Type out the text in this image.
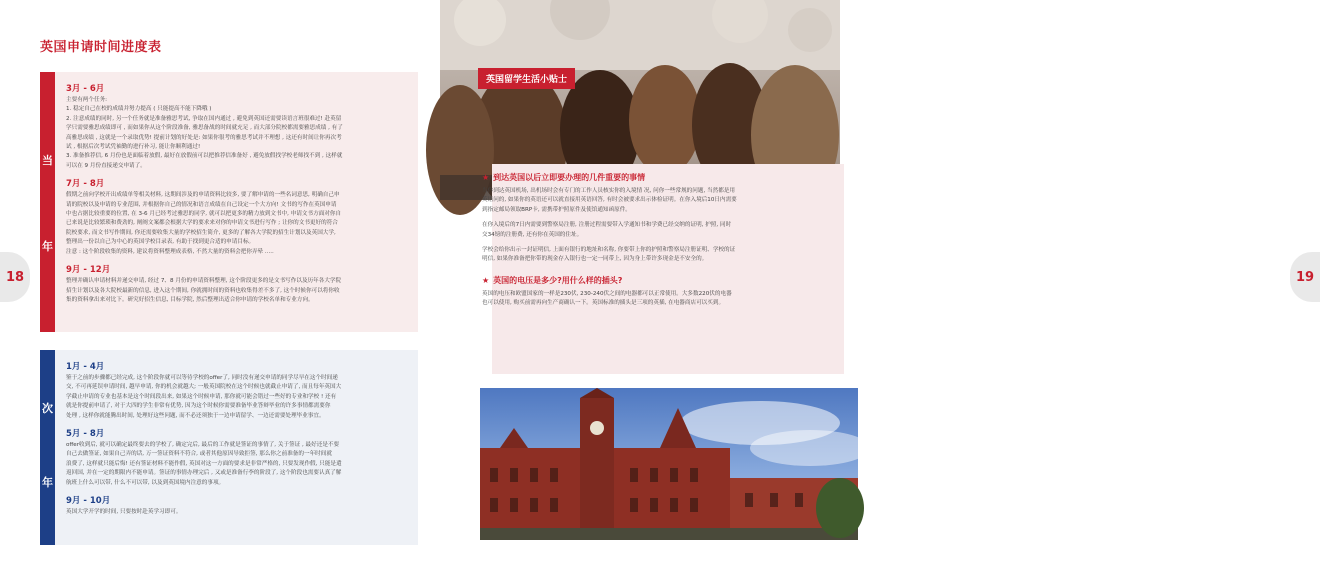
英国申请时间进度表
18
当
年
3月 - 6月
主要有两个任务:
1. 稳定自己在校的成绩并努力提高 ( 只能提高不能下降哦 )
2. 注意成绩的同时, 另一个任务就是准备雅思考试, 争取在国内通过 , 避免到英国还需要读语言班很难过! 赴英留
学只需要雅思成绩即可 , 而如果你从这个阶段准备, 雅思备战的时间就充足 , 而大部分院校都需要雅思成绩 , 有了
高雅思成绩 , 这就是一个录取优势! 提前计划的好处是: 如果你很考的雅思考试并不理想 , 这还有时间让你再次考
试 , 根据后次考试凭袖勤的进行补习, 能让你顺利通过!
3. 准备推荐信, 6 月份也是面临着放假, 最好在放假前可以把推荐信准备好 , 避免放假找学校老师找不到 , 这样就
可以在 9 月份直接递交申请了。
7月 - 8月
假期之前向学校开出成绩单等相关材料, 这期间涉及的申请资料比较多, 要了解申请的一些名词意思, 明确自己申
请的院校以及申请的专业范围, 并根据你自己的情况和语言成绩在自己设定一个大方向! 文书的写作在英国申请
中也占据比较重要的位置, 在 3-6 月已经考过雅思的同学, 就可以把更多的精力放到文书中, 申请文书方面对你自
已来说是比较繁琐和费劲的, 阐阐文案都会根据大学的要求来对你的申请文书进行写作 ; 让你的文书更好的符合
院校要求, 而文书写作期间, 你还需要收集大量的学校招生简介, 更多的了解各大学院的招生计划以及英国大学,
整理出一份以自己为中心的英国学校目录表, 有助于找到更合适的申请目标。
注意 : 这个阶段收集的资料, 建议将资料整理成表格, 不然大量的资料会把你弄晕 .....
9月 - 12月
整理并确认申请材料并递交申请, 经过 7、8 月份的申请资料整理, 这个阶段更多的是文书写作以及历年各大学院
招生计划以及各大院校最新的信息, 进入这个期间, 你就拥时间的资料也收集得差不多了, 这个时候你可以将你收
集的资料拿出来对比下。研究好招生信息, 目标学院, 然后整理出适合你申请的学校名单和专业方向。
次
年
1月 - 4月
鉴于之前的步骤都已经完成, 这个阶段你就可以等待学校的offer了, 同时没有递交申请的同学尽早在这个时间递
交, 不可再延误申请时间, 越早申请, 你的机会就越大; 一般英国院校在这个时候也就截止申请了, 而且每年英国大
学截止申请的专业也基本是这个时间段出来, 如果这个时候申请, 那你就可能会错过一些好的专业和学校 ! 还有
就是你提前申请了, 对于大四的学生非常有优势, 因为这个时候你需要准备毕业答辩毕业的许多事情都需要你
处理 , 这样你就能腾出时间, 处理好这些问题, 而不必还须独于一边申请留学、一边还需要处理毕业事宜。
5月 - 8月
offer收到后, 就可以确定最终要去的学校了, 确定完后, 最后的工作就是签证的事情了, 关于签证 , 最好还是不要
自己去做签证, 如果自己弄的话, 万一签证资料不符合, 或者其他原因导致拒签, 那么你之前准备的一年时间就
浪费了, 这样就只能后悔! 还有签证材料不能作假, 英国对这一方面的要求是非常严格的, 只要发现作假, 只能是遣
返回国, 并在一定的期限内不能申请。签证的事情办理完后 , 又或是准备行李的阶段了, 这个阶段也需要认真了解
航班上什么可以带, 什么不可以带, 以及到英国境内注意的事项。
9月 - 10月
英国大学开学的时间, 只要按时赴英学习即可。
英国留学生活小贴士
19
★ 到达英国以后立即要办理的几件重要的事情
当你到达英国机场, 出机场时会有专门的工作人员核实你的入境情 况, 问你一些常规的问题, 当然都是用
英语问的, 如果你的英语还可以就直接用英语回答, 有时会被要求出示体检证明。在你入境后10日内需要
到指定邮局领取BRP卡, 需携带护照原件及使馆通知函原件。
在你入境后的7日内需要到警察局注册, 注册过程需要带入学通知书和学费已经交纳的证明, 护照, 同时
交34镑的注册费, 还有你在英国的住址。
学校会给你出示一封证明信, 上面有银行的地址和名称, 你要带上你的护照和警察局注册证明、学校的证
明信, 如果你准备把你带的现金存入银行也一定一同带上, 因为身上带许多现金是不安全的。
★ 英国的电压是多少?用什么样的插头?
英国的电压和欧盟国家的一样是230伏, 230-240伏之间的电器都可以正常使用。大多数220伏的电器
也可以使用, 购买前需再向生产商确认一下。英国标准的插头是三项的英插, 在电器商店可以买到。
